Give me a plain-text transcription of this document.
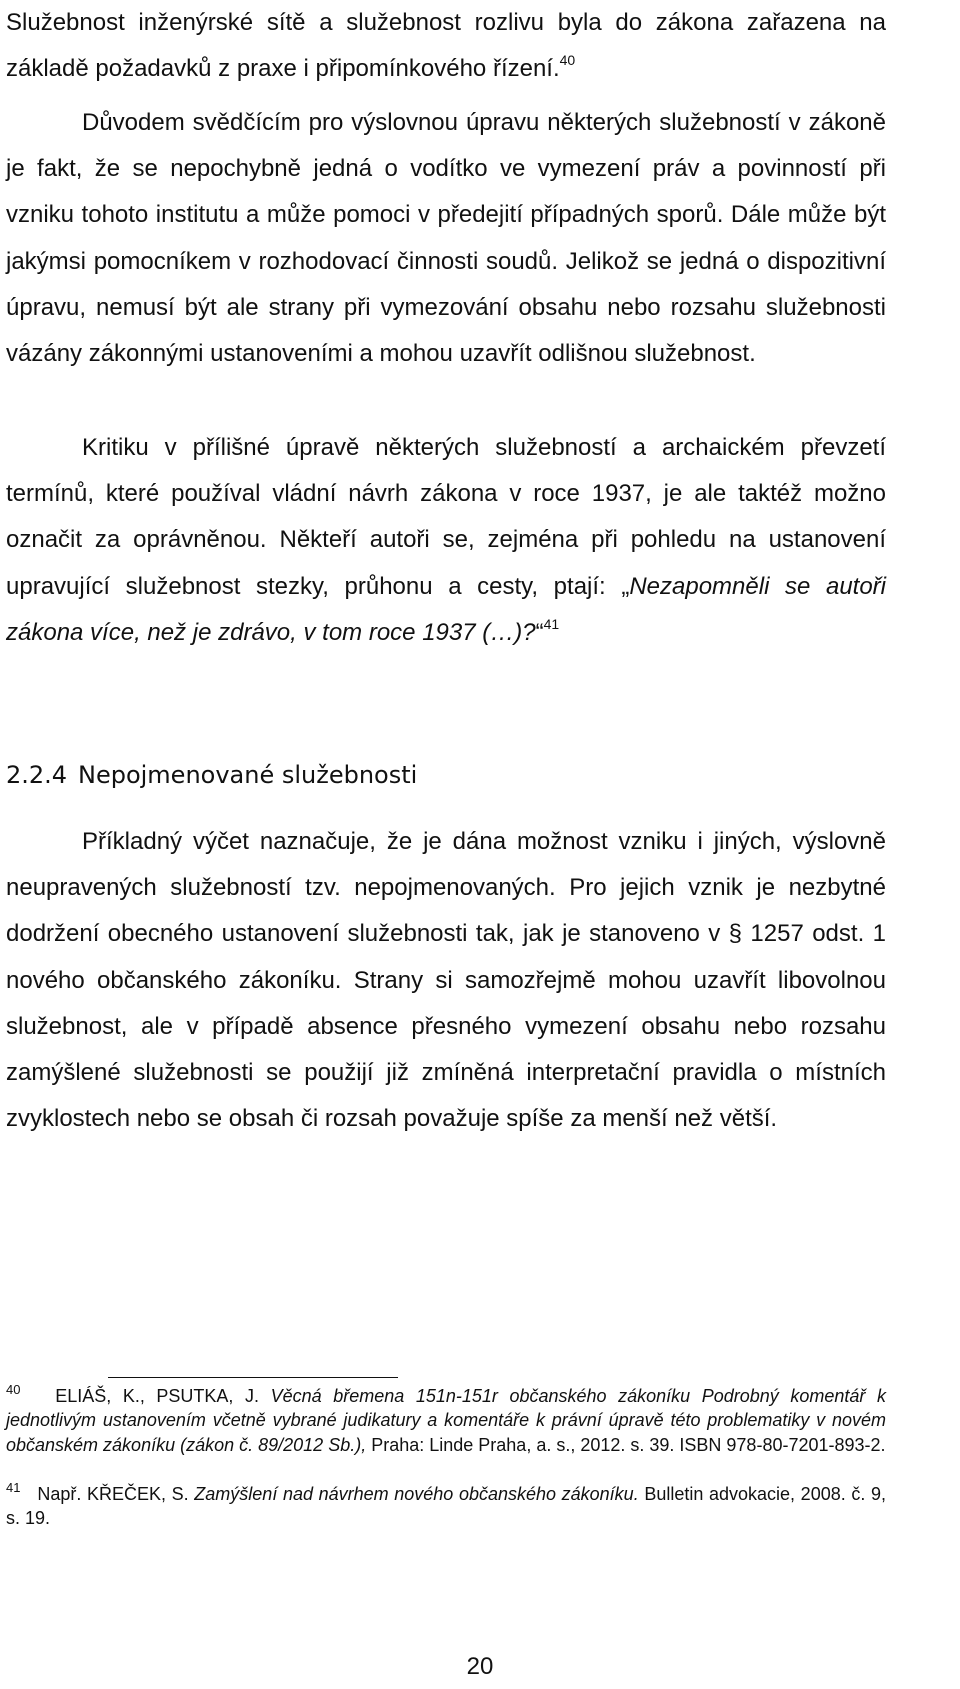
Služebnost inženýrské sítě a služebnost rozlivu byla do zákona zařazena na základě požadavků z praxe i připomínkového řízení.$^{40}$

Důvodem svědčícím pro výslovnou úpravu některých služebností v zákoně je fakt, že se nepochybně jedná o vodítko ve vymezení práv a povinností při vzniku tohoto institutu a může pomoci v předejití případných sporů. Dále může být jakýmsi pomocníkem v rozhodovací činnosti soudů. Jelikož se jedná o dispozitivní úpravu, nemusí být ale strany při vymezování obsahu nebo rozsahu služebnosti vázány zákonnými ustanoveními a mohou uzavřít odlišnou služebnost.

Kritiku v přílišné úpravě některých služebností a archaickém převzetí termínů, které používal vládní návrh zákona v roce 1937, je ale taktéž možno označit za oprávněnou. Někteří autoři se, zejména při pohledu na ustanovení upravující služebnost stezky, průhonu a cesty, ptají: „Nezapomněli se autoři zákona více, než je zdrávo, v tom roce 1937 (…)?“$^{41}$

2.2.4 Nepojmenované služebnosti

Příkladný výčet naznačuje, že je dána možnost vzniku i jiných, výslovně neupravených služebností tzv. nepojmenovaných. Pro jejich vznik je nezbytné dodržení obecného ustanovení služebnosti tak, jak je stanoveno v § 1257 odst. 1 nového občanského zákoníku. Strany si samozřejmě mohou uzavřít libovolnou služebnost, ale v případě absence přesného vymezení obsahu nebo rozsahu zamýšlené služebnosti se použijí již zmíněná interpretační pravidla o místních zvyklostech nebo se obsah či rozsah považuje spíše za menší než větší.

$^{40}$ ELIÁŠ, K., PSUTKA, J. Věcná břemena 151n-151r občanského zákoníku Podrobný komentář k jednotlivým ustanovením včetně vybrané judikatury a komentáře k právní úpravě této problematiky v novém občanském zákoníku (zákon č. 89/2012 Sb.), Praha: Linde Praha, a. s., 2012. s. 39. ISBN 978-80-7201-893-2.

$^{41}$ Např. KŘEČEK, S. Zamýšlení nad návrhem nového občanského zákoníku. Bulletin advokacie, 2008. č. 9, s. 19.

20
